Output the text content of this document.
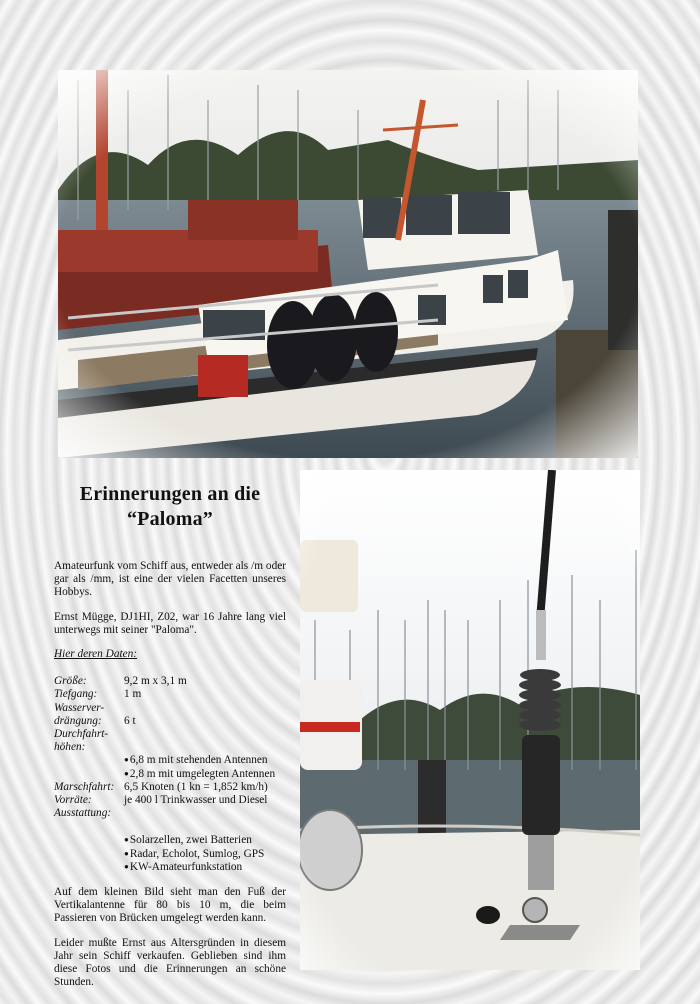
Erinnerungen an die
“Paloma”

Amateurfunk vom Schiff aus, entweder als /m oder gar als /mm, ist eine der vielen Facetten unseres Hobbys.

Ernst Mügge, DJ1HI, Z02, war 16 Jahre lang viel unterwegs mit seiner "Paloma".

Hier deren Daten:

Größe:	9,2 m x 3,1 m
Tiefgang:	1 m
Wasserver-	
drängung:	6 t
Durchfahrt-	
höhen:	
	● 6,8 m mit stehenden Antennen
	● 2,8 m mit umgelegten Antennen
Marschfahrt:	6,5 Knoten (1 kn = 1,852 km/h)
Vorräte:	je 400 l Trinkwasser und Diesel
Ausstattung:	

	● Solarzellen, zwei Batterien
	● Radar, Echolot, Sumlog, GPS
	● KW-Amateurfunkstation

Auf dem kleinen Bild sieht man den Fuß der Vertikalantenne für 80 bis 10 m, die beim Passieren von Brücken umgelegt werden kann.

Leider mußte Ernst aus Altersgründen in diesem Jahr sein Schiff verkaufen. Geblieben sind ihm diese Fotos und die Erinnerungen an schöne Stunden.
